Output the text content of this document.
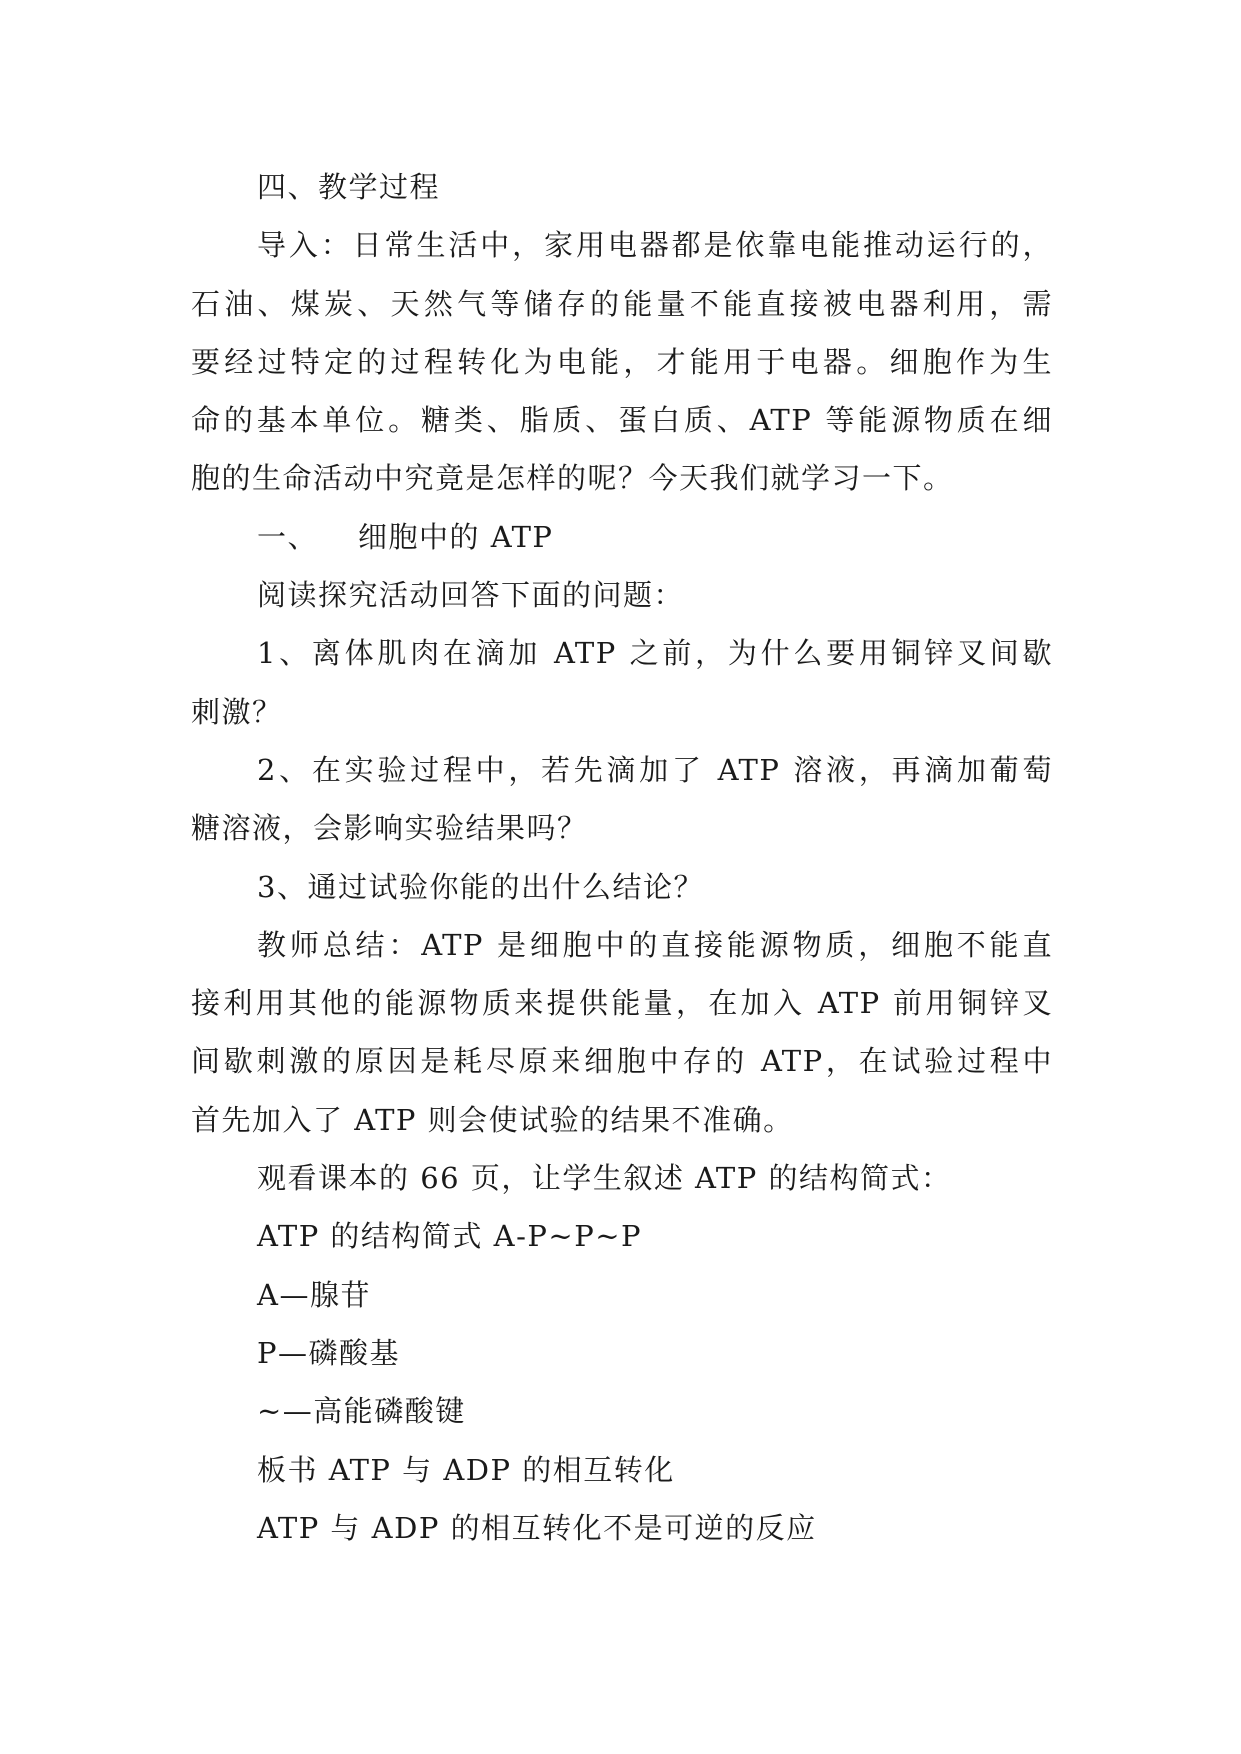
四、教学过程
导入：日常生活中，家用电器都是依靠电能推动运行的，
石油、煤炭、天然气等储存的能量不能直接被电器利用，需
要经过特定的过程转化为电能，才能用于电器。细胞作为生
命的基本单位。糖类、脂质、蛋白质、ATP 等能源物质在细
胞的生命活动中究竟是怎样的呢？今天我们就学习一下。
一、 细胞中的 ATP
阅读探究活动回答下面的问题：
1、离体肌肉在滴加 ATP 之前，为什么要用铜锌叉间歇
刺激？
2、在实验过程中，若先滴加了 ATP 溶液，再滴加葡萄
糖溶液，会影响实验结果吗？
3、通过试验你能的出什么结论？
教师总结：ATP 是细胞中的直接能源物质，细胞不能直
接利用其他的能源物质来提供能量，在加入 ATP 前用铜锌叉
间歇刺激的原因是耗尽原来细胞中存的 ATP，在试验过程中
首先加入了 ATP 则会使试验的结果不准确。
观看课本的 66 页，让学生叙述 ATP 的结构简式：
ATP 的结构简式 A-P~P~P
A—腺苷
P—磷酸基
~—高能磷酸键
板书 ATP 与 ADP 的相互转化
ATP 与 ADP 的相互转化不是可逆的反应
